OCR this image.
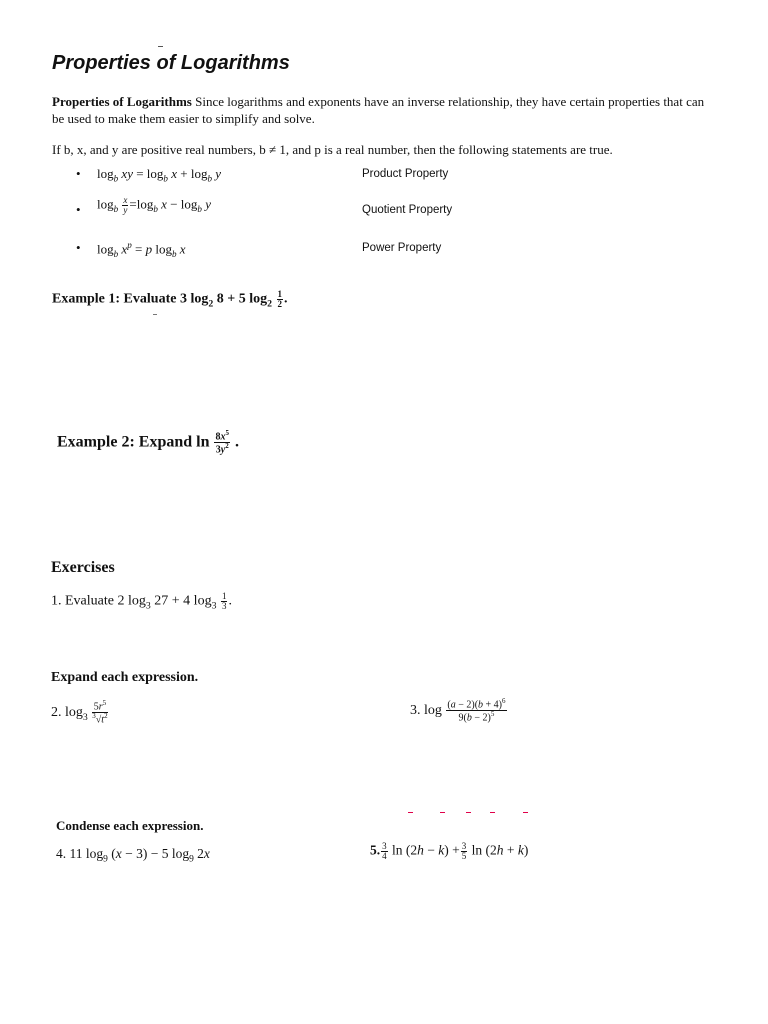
Properties of Logarithms
Properties of Logarithms Since logarithms and exponents have an inverse relationship, they have certain properties that can be used to make them easier to simplify and solve.
If b, x, and y are positive real numbers, b ≠ 1, and p is a real number, then the following statements are true.
• $\log_b$ xy = $\log_b x + \log_b y$	Product Property
• $\log_b \frac{x}{y} =\log_b$ $x - \log_b y$	Quotient Property
• $\log_b x^p = p$ $\log_b x$	Power Property
Example 1: Evaluate 3 $\log_2 8 + 5$ $\log_2 \frac{1}{2}$ .
Example 2: Expand $\ln \frac{8x^5}{3y^2}$ .
Exercises
1. Evaluate 2 $\log_3 27 + 4$ $\log_3 \frac{1}{3}$ .
Expand each expression.
2. $\log_3 \frac{5r^5}{^3√t^2}$	3. $\log \frac{(a - 2)(b + 4)^6}{9(b - 2)^5}$
Condense each expression.
4. 11 $\log_9 (x - 3) - 5$ $\log_9 2x$	5. $\frac{3}{4}$ $\ln (2h - k) + \frac{3}{5}$ ln (2h + k)
